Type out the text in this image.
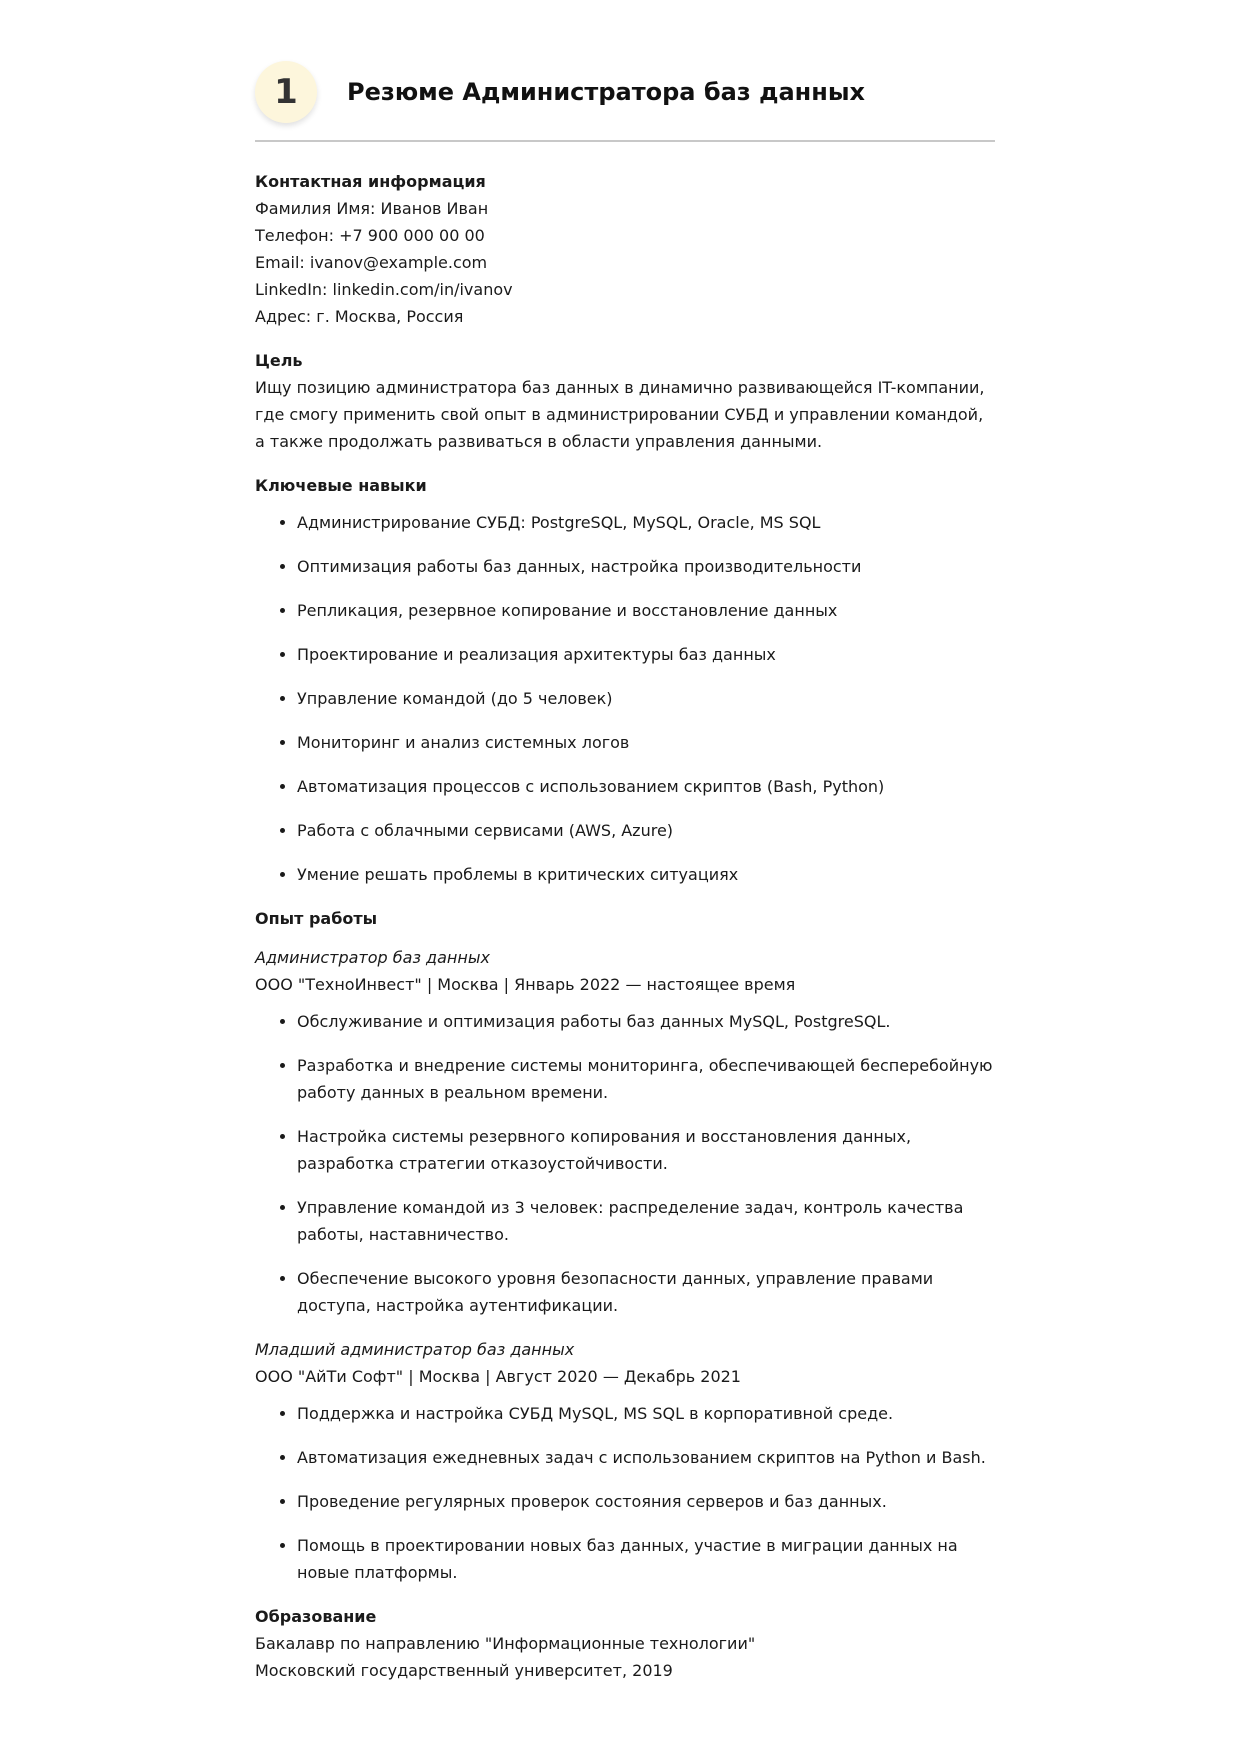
1	Резюме Администратора баз данных

Контактная информация

Фамилия Имя: Иванов Иван

Телефон: +7 900 000 00 00

Email: ivanov@example.com

LinkedIn: linkedin.com/in/ivanov

Адрес: г. Москва, Россия

Цель

Ищу позицию администратора баз данных в динамично развивающейся IT-компании, где смогу применить свой опыт в администрировании СУБД и управлении командой, а также продолжать развиваться в области управления данными.

Ключевые навыки

• Администрирование СУБД: PostgreSQL, MySQL, Oracle, MS SQL
• Оптимизация работы баз данных, настройка производительности
• Репликация, резервное копирование и восстановление данных
• Проектирование и реализация архитектуры баз данных
• Управление командой (до 5 человек)
• Мониторинг и анализ системных логов
• Автоматизация процессов с использованием скриптов (Bash, Python)
• Работа с облачными сервисами (AWS, Azure)
• Умение решать проблемы в критических ситуациях

Опыт работы

Администратор баз данных

ООО "ТехноИнвест" | Москва | Январь 2022 — настоящее время

• Обслуживание и оптимизация работы баз данных MySQL, PostgreSQL.
• Разработка и внедрение системы мониторинга, обеспечивающей бесперебойную работу данных в реальном времени.
• Настройка системы резервного копирования и восстановления данных, разработка стратегии отказоустойчивости.
• Управление командой из 3 человек: распределение задач, контроль качества работы, наставничество.
• Обеспечение высокого уровня безопасности данных, управление правами доступа, настройка аутентификации.

Младший администратор баз данных

ООО "АйТи Софт" | Москва | Август 2020 — Декабрь 2021

• Поддержка и настройка СУБД MySQL, MS SQL в корпоративной среде.
• Автоматизация ежедневных задач с использованием скриптов на Python и Bash.
• Проведение регулярных проверок состояния серверов и баз данных.
• Помощь в проектировании новых баз данных, участие в миграции данных на новые платформы.

Образование

Бакалавр по направлению "Информационные технологии"

Московский государственный университет, 2019
